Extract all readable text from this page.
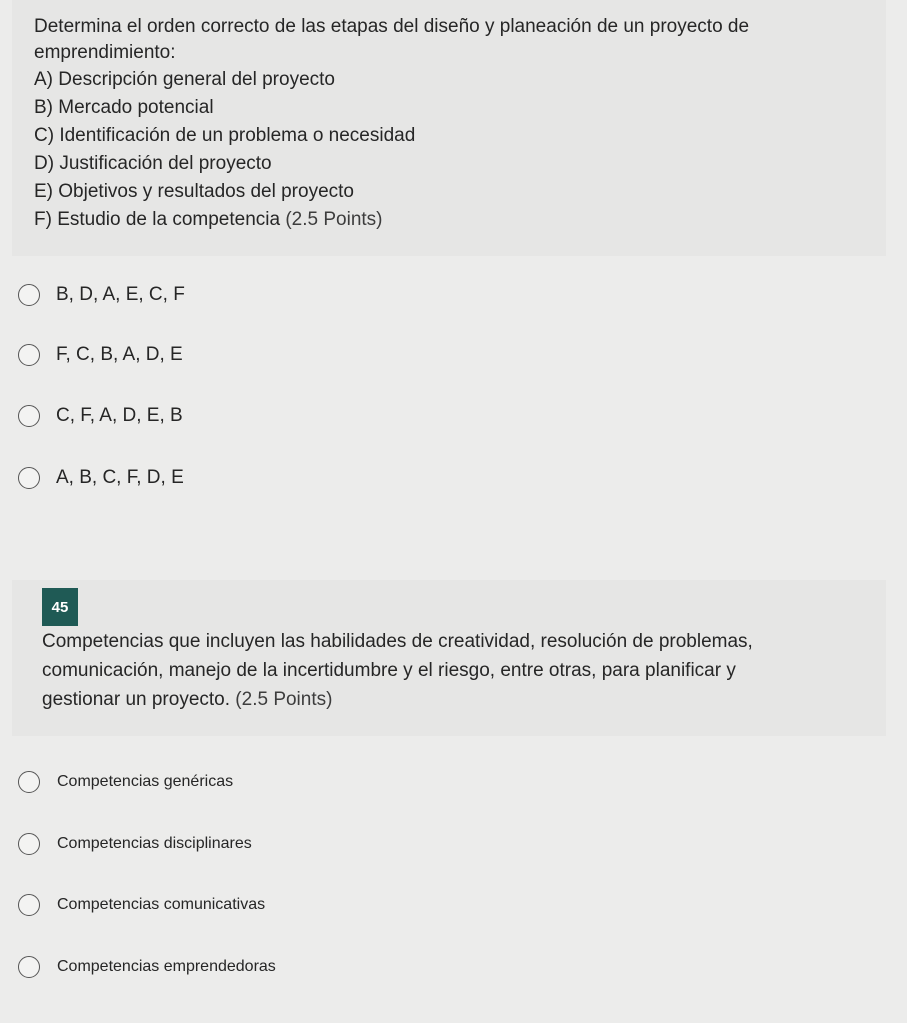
Determina el orden correcto de las etapas del diseño y planeación de un proyecto de
emprendimiento:
A) Descripción general del proyecto
B) Mercado potencial
C) Identificación de un problema o necesidad
D) Justificación del proyecto
E) Objetivos y resultados del proyecto
F) Estudio de la competencia (2.5 Points)
B, D, A, E, C, F
F, C, B, A, D, E
C, F, A, D, E, B
A, B, C, F, D, E
45
Competencias que incluyen las habilidades de creatividad, resolución de problemas,
comunicación, manejo de la incertidumbre y el riesgo, entre otras, para planificar y
gestionar un proyecto. (2.5 Points)
Competencias genéricas
Competencias disciplinares
Competencias comunicativas
Competencias emprendedoras
